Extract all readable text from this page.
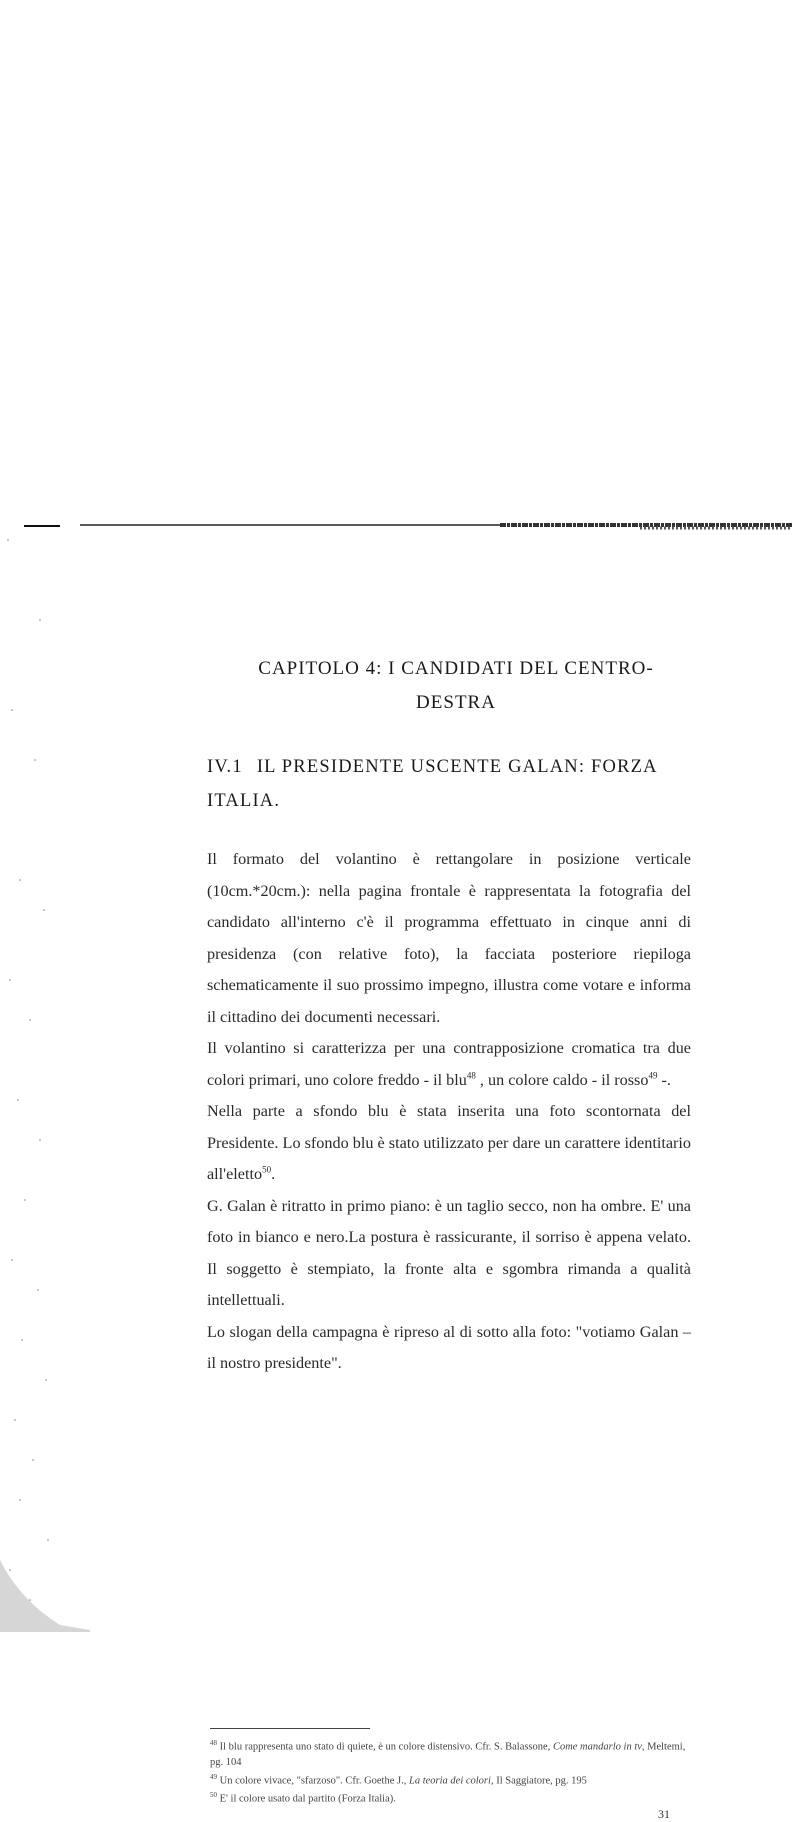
CAPITOLO 4: I CANDIDATI DEL CENTRO-
DESTRA
IV.1 IL PRESIDENTE USCENTE GALAN: FORZA ITALIA.

Il formato del volantino è rettangolare in posizione verticale (10cm.*20cm.): nella pagina frontale è rappresentata la fotografia del candidato all'interno c'è il programma effettuato in cinque anni di presidenza (con relative foto), la facciata posteriore riepiloga schematicamente il suo prossimo impegno, illustra come votare e informa il cittadino dei documenti necessari.

Il volantino si caratterizza per una contrapposizione cromatica tra due colori primari, uno colore freddo - il blu$^{48}$ , un colore caldo - il rosso$^{49}$ -.

Nella parte a sfondo blu è stata inserita una foto scontornata del Presidente. Lo sfondo blu è stato utilizzato per dare un carattere identitario all'eletto$^{50}$.

G. Galan è ritratto in primo piano: è un taglio secco, non ha ombre. E' una foto in bianco e nero.La postura è rassicurante, il sorriso è appena velato. Il soggetto è stempiato, la fronte alta e sgombra rimanda a qualità intellettuali.

Lo slogan della campagna è ripreso al di sotto alla foto: "votiamo Galan – il nostro presidente".

$^{48}$ Il blu rappresenta uno stato di quiete, è un colore distensivo. Cfr. S. Balassone, Come mandarlo in tv, Meltemi, pg. 104

$^{49}$ Un colore vivace, "sfarzoso". Cfr. Goethe J., La teoria dei colori, Il Saggiatore, pg. 195

$^{50}$ E' il colore usato dal partito (Forza Italia).

31
